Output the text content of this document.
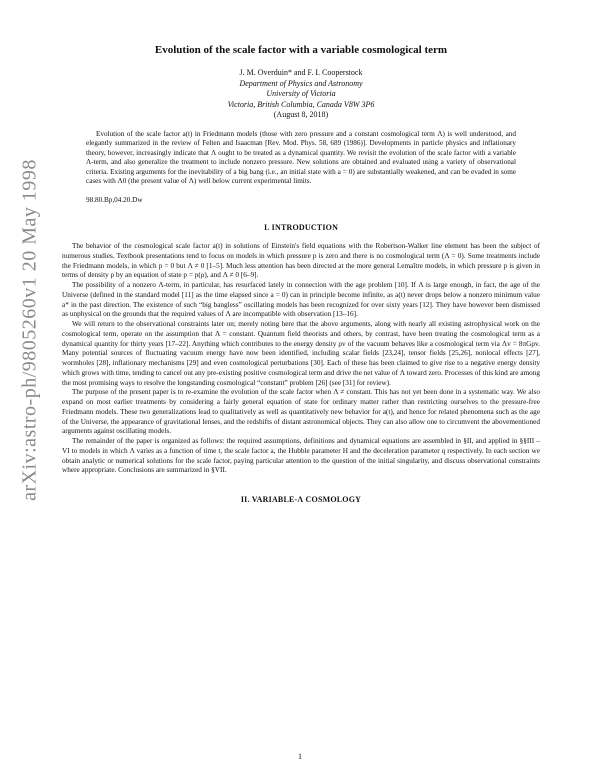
arXiv:astro-ph/9805260v1 20 May 1998
Evolution of the scale factor with a variable cosmological term
J. M. Overduin* and F. I. Cooperstock
Department of Physics and Astronomy
University of Victoria
Victoria, British Columbia, Canada V8W 3P6
(August 8, 2018)
Evolution of the scale factor a(t) in Friedmann models (those with zero pressure and a constant cosmological term Λ) is well understood, and elegantly summarized in the review of Felten and Isaacman [Rev. Mod. Phys. 58, 689 (1986)]. Developments in particle physics and inflationary theory, however, increasingly indicate that Λ ought to be treated as a dynamical quantity. We revisit the evolution of the scale factor with a variable Λ-term, and also generalize the treatment to include nonzero pressure. New solutions are obtained and evaluated using a variety of observational criteria. Existing arguments for the inevitability of a big bang (i.e., an initial state with a = 0) are substantially weakened, and can be evaded in some cases with Λ0 (the present value of Λ) well below current experimental limits.
98.80.Bp,04.20.Dw
I. INTRODUCTION

The behavior of the cosmological scale factor a(t) in solutions of Einstein's field equations with the Robertson-Walker line element has been the subject of numerous studies. Textbook presentations tend to focus on models in which pressure p is zero and there is no cosmological term (Λ = 0). Some treatments include the Friedmann models, in which p = 0 but Λ ≠ 0 [1–5]. Much less attention has been directed at the more general Lemaître models, in which pressure p is given in terms of density ρ by an equation of state p = p(ρ), and Λ ≠ 0 [6–9].

The possibility of a nonzero Λ-term, in particular, has resurfaced lately in connection with the age problem [10]. If Λ is large enough, in fact, the age of the Universe (defined in the standard model [11] as the time elapsed since a = 0) can in principle become infinite, as a(t) never drops below a nonzero minimum value a* in the past direction. The existence of such “big bangless” oscillating models has been recognized for over sixty years [12]. They have however been dismissed as unphysical on the grounds that the required values of Λ are incompatible with observation [13–16].

We will return to the observational constraints later on; merely noting here that the above arguments, along with nearly all existing astrophysical work on the cosmological term, operate on the assumption that Λ = constant. Quantum field theorists and others, by contrast, have been treating the cosmological term as a dynamical quantity for thirty years [17–22]. Anything which contributes to the energy density ρv of the vacuum behaves like a cosmological term via Λv = 8πGρv. Many potential sources of fluctuating vacuum energy have now been identified, including scalar fields [23,24], tensor fields [25,26], nonlocal effects [27], wormholes [28], inflationary mechanisms [29] and even cosmological perturbations [30]. Each of these has been claimed to give rise to a negative energy density which grows with time, tending to cancel out any pre-existing positive cosmological term and drive the net value of Λ toward zero. Processes of this kind are among the most promising ways to resolve the longstanding cosmological “constant” problem [26] (see [31] for review).

The purpose of the present paper is to re-examine the evolution of the scale factor when Λ ≠ constant. This has not yet been done in a systematic way. We also expand on most earlier treatments by considering a fairly general equation of state for ordinary matter rather than restricting ourselves to the pressure-free Friedmann models. These two generalizations lead to qualitatively as well as quantitatively new behavior for a(t), and hence for related phenomena such as the age of the Universe, the appearance of gravitational lenses, and the redshifts of distant astronomical objects. They can also allow one to circumvent the abovementioned arguments against oscillating models.

The remainder of the paper is organized as follows: the required assumptions, definitions and dynamical equations are assembled in §II, and applied in §§III – VI to models in which Λ varies as a function of time t, the scale factor a, the Hubble parameter H and the deceleration parameter q respectively. In each section we obtain analytic or numerical solutions for the scale factor, paying particular attention to the question of the initial singularity, and discuss observational constraints where appropriate. Conclusions are summarized in §VII.

II. VARIABLE-Λ COSMOLOGY
1
